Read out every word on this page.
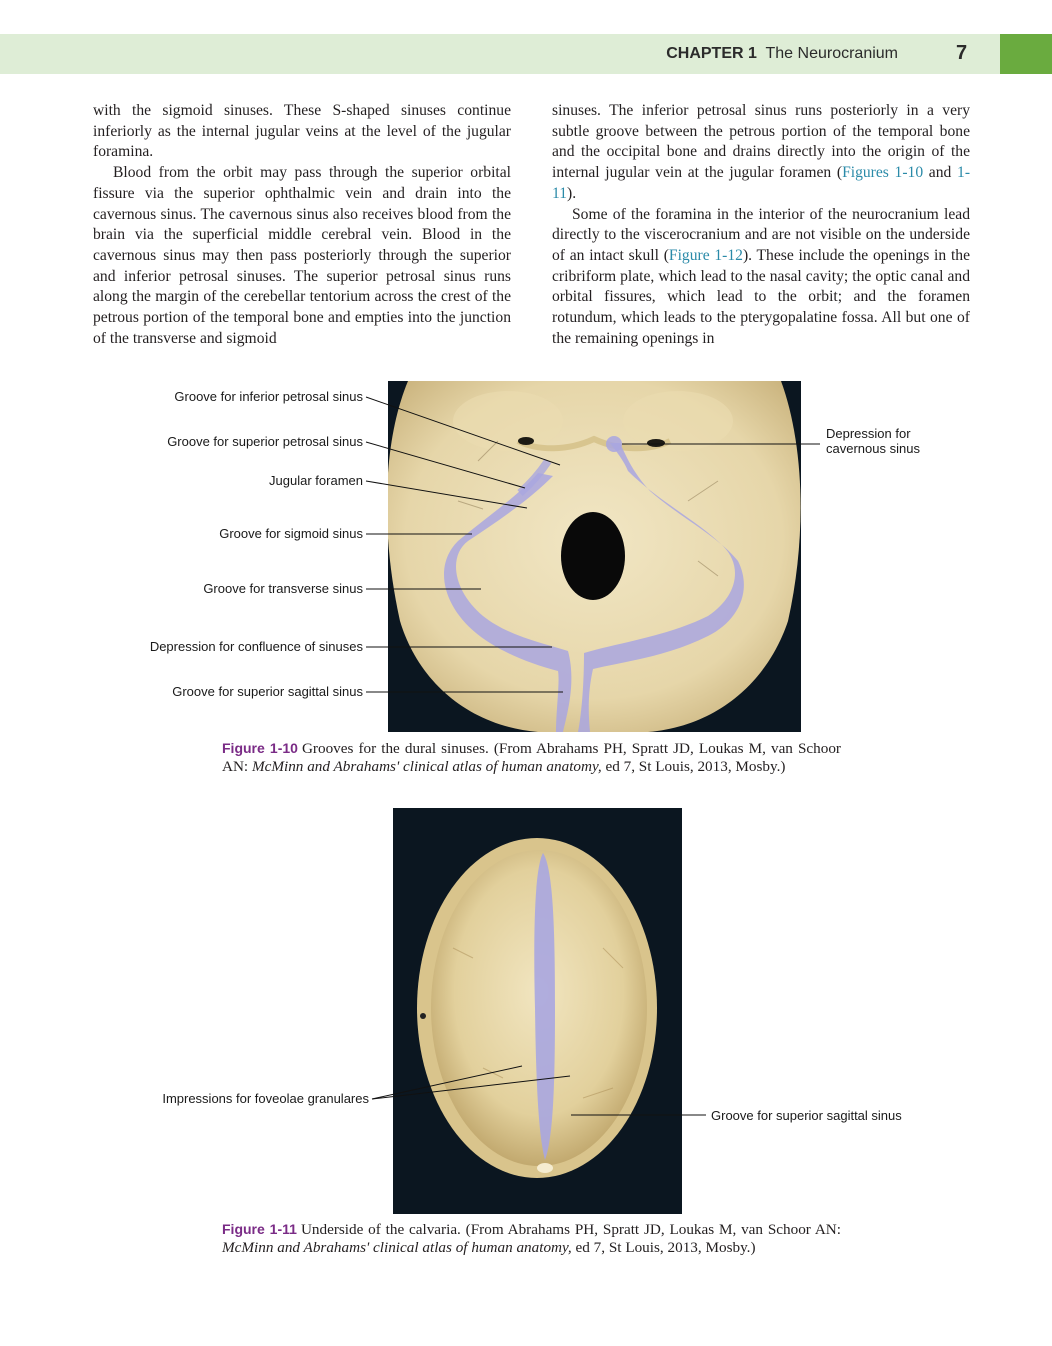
CHAPTER 1 The Neurocranium	7

with the sigmoid sinuses. These S-shaped sinuses continue inferiorly as the internal jugular veins at the level of the jugular foramina.

Blood from the orbit may pass through the superior orbital fissure via the superior ophthalmic vein and drain into the cavernous sinus. The cavernous sinus also receives blood from the brain via the superficial middle cerebral vein. Blood in the cavernous sinus may then pass posteriorly through the superior and inferior petrosal sinuses. The superior petrosal sinus runs along the margin of the cerebellar tentorium across the crest of the petrous portion of the temporal bone and empties into the junction of the transverse and sigmoid

sinuses. The inferior petrosal sinus runs posteriorly in a very subtle groove between the petrous portion of the temporal bone and the occipital bone and drains directly into the origin of the internal jugular vein at the jugular foramen (Figures 1-10 and 1-11).

Some of the foramina in the interior of the neurocranium lead directly to the viscerocranium and are not visible on the underside of an intact skull (Figure 1-12). These include the openings in the cribriform plate, which lead to the nasal cavity; the optic canal and orbital fissures, which lead to the orbit; and the foramen rotundum, which leads to the pterygopalatine fossa. All but one of the remaining openings in

Groove for inferior petrosal sinus
Groove for superior petrosal sinus
Jugular foramen
Groove for sigmoid sinus
Groove for transverse sinus
Depression for confluence of sinuses
Groove for superior sagittal sinus
Depression for cavernous sinus
Figure 1-10 Grooves for the dural sinuses. (From Abrahams PH, Spratt JD, Loukas M, van Schoor AN: McMinn and Abrahams' clinical atlas of human anatomy, ed 7, St Louis, 2013, Mosby.)
Impressions for foveolae granulares
Groove for superior sagittal sinus
Figure 1-11 Underside of the calvaria. (From Abrahams PH, Spratt JD, Loukas M, van Schoor AN: McMinn and Abrahams' clinical atlas of human anatomy, ed 7, St Louis, 2013, Mosby.)
